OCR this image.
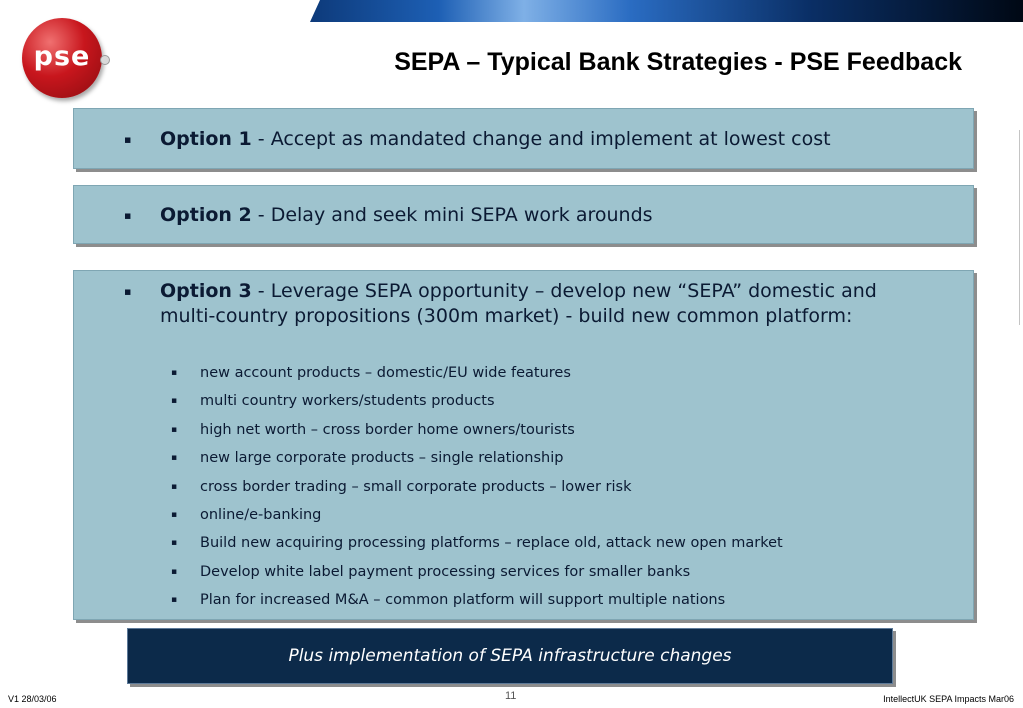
pse	SEPA – Typical Bank Strategies - PSE Feedback
▪ Option 1 - Accept as mandated change and implement at lowest cost
▪ Option 2 - Delay and seek mini SEPA work arounds
▪ Option 3 - Leverage SEPA opportunity – develop new “SEPA” domestic and multi-country propositions (300m market) - build new common platform:
▪ new account products – domestic/EU wide features
▪ multi country workers/students products
▪ high net worth – cross border home owners/tourists
▪ new large corporate products – single relationship
▪ cross border trading – small corporate products – lower risk
▪ online/e-banking
▪ Build new acquiring processing platforms – replace old, attack new open market
▪ Develop white label payment processing services for smaller banks
▪ Plan for increased M&A – common platform will support multiple nations
Plus implementation of SEPA infrastructure changes
V1 28/03/06	11	IntellectUK SEPA Impacts Mar06
